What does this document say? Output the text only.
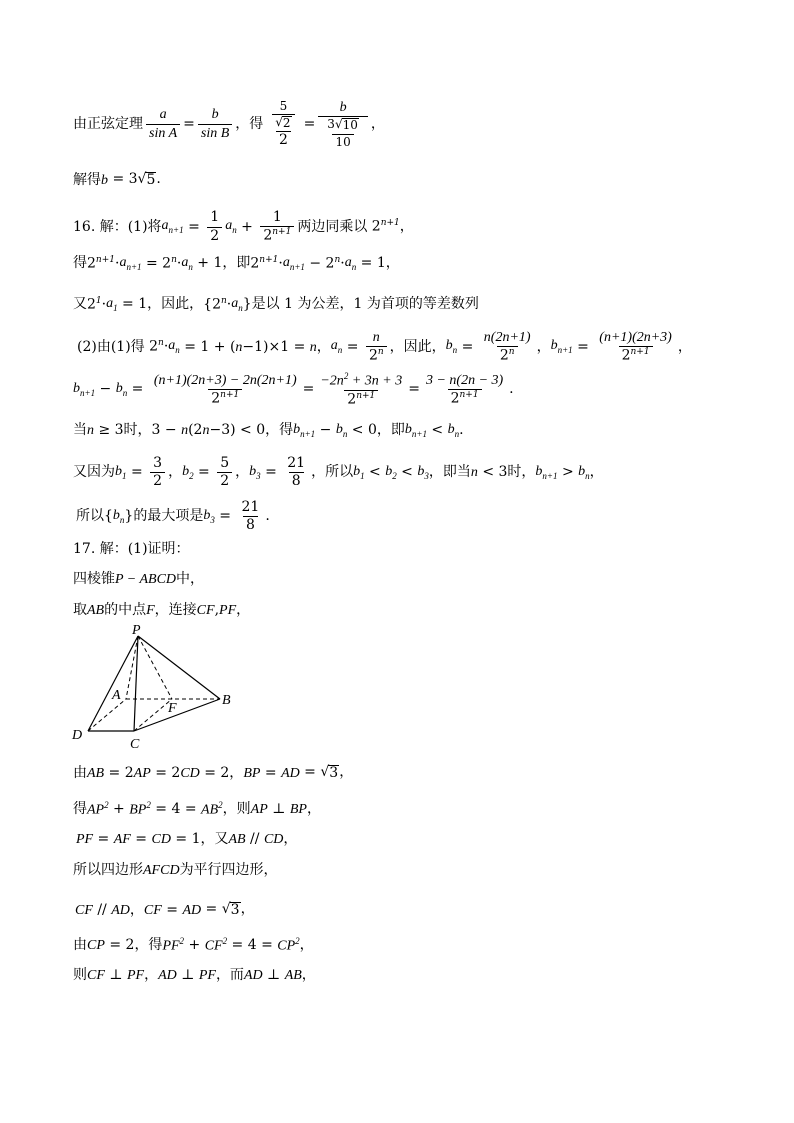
由正弦定理 $\frac{a}{\text{sin A}} = \frac{b}{\text{sin B}}$ ，得 $\frac{\frac{5}{√ 2}}{2} = \frac{b}{\frac{3√ 10}{10}}$ ，
解得 b = 3√ 5 .
16. 解：(1)将 $a_{n+1} = \frac{1}{2} a_n + \frac{1}{2^{n+1}}$ 两边同乘以 $2^{n+1}$，
得 $2^{n+1}\cdot a_{n+1} = 2^n\cdot a_n + 1$ ，即 $2^{n+1}\cdot a_{n+1} - 2^n\cdot a_n = 1$，
又 $2^1\cdot a_1 = 1$ ，因此， {$2^n\cdot a_n$ } 是以 1 为公差，1 为首项的等差数列
(2)由(1)得 $2^n\cdot a_n = 1$ + ( n −1)×1 = n ， $a_n = \frac{n}{2^n}$ ，因此， $b_n = \frac{n(2n+1)}{2^n}$ ， $b_{n+1} = \frac{(n+1)(2n+3)}{2^{n+1}}$ ，
$b_{n+1} - b_n = \frac{(n+1)(2n+3) - 2n(2n+1)}{2^{n+1}} = \frac{-2n^2 + 3n + 3}{2^{n+1}} = \frac{3 - n(2n - 3)}{2^{n+1}}$ .
当 n ≥ 3 时， 3 − n (2 n −3) < 0 ，得 $b_{n+1} - b_n < 0$ ，即 $b_{n+1} < b_n$ .
又因为 $b_1 = \frac{3}{2}$ ， $b_2 = \frac{5}{2}$ ， $b_3 = \frac{21}{8}$ ，所以 $b_1 < b_2 < b_3$ ，即当 n < 3 时， $b_{n+1} > b_n$ ，
所以 { $b_n$ } 的最大项是 $b_3 = \frac{21}{8}$ .
17. 解：(1)证明：
四棱锥 P − ABCD 中，
取 AB 的中点 F ，连接 CF , PF ，
P
A
F
B
D
C
由 AB = 2 AP = 2 CD = 2， BP = AD = √ 3 ，
得 $AP^2 + BP^2 = 4 = AB^2$ ，则 AP ⊥ BP ，
PF = AF = CD = 1 ，又 AB // CD ，
所以四边形 AFCD 为平行四边形，
CF // AD ， CF = AD = √ 3 ，
由 CP = 2 ，得 $PF^2 + CF^2 = 4 = CP^2$ ，
则 CF ⊥ PF ， AD ⊥ PF ，而 AD ⊥ AB ，
